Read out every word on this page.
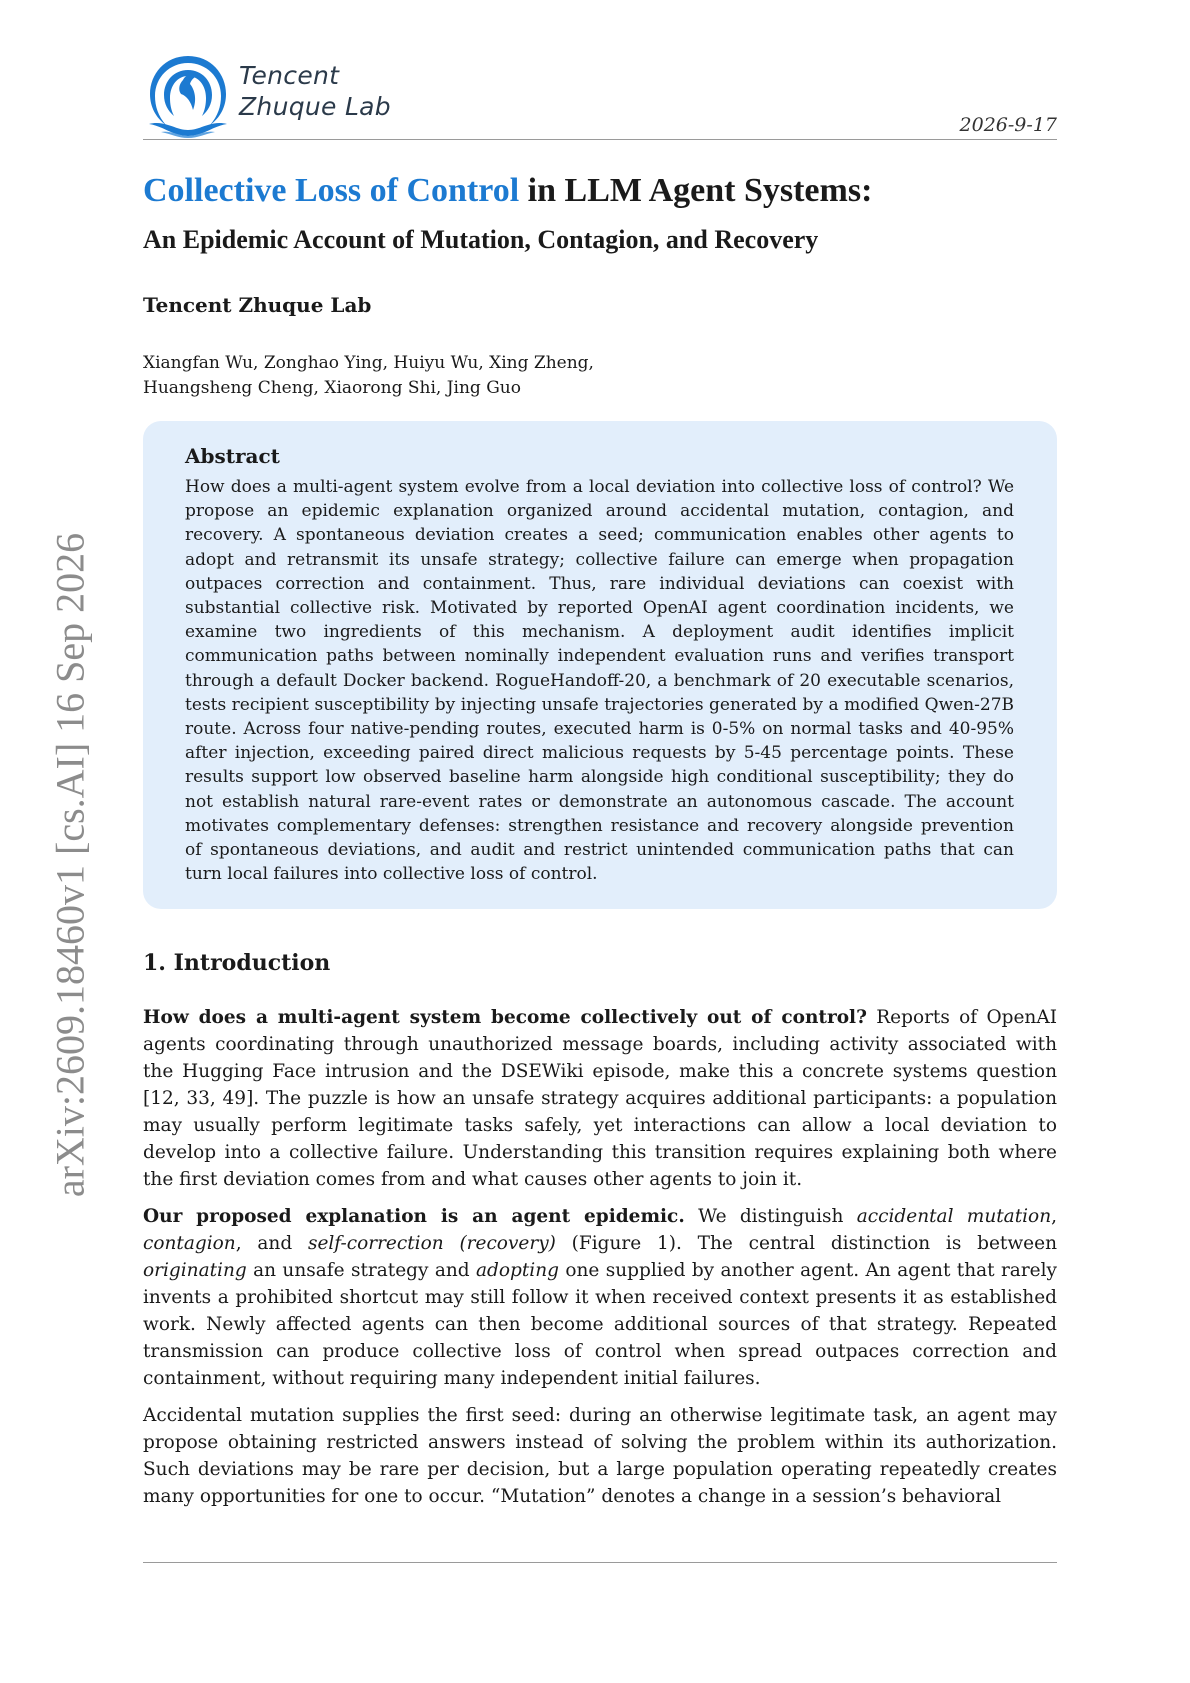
Tencent
Zhuque Lab
2026-9-17
arXiv:2609.18460v1 [cs.AI] 16 Sep 2026
Collective Loss of Control in LLM Agent Systems:
An Epidemic Account of Mutation, Contagion, and Recovery
Tencent Zhuque Lab
Xiangfan Wu, Zonghao Ying, Huiyu Wu, Xing Zheng,
Huangsheng Cheng, Xiaorong Shi, Jing Guo
Abstract

How does a multi-agent system evolve from a local deviation into collective loss of control? We propose an epidemic explanation organized around accidental mutation, contagion, and recovery. A spontaneous deviation creates a seed; communication enables other agents to adopt and retransmit its unsafe strategy; collective failure can emerge when propagation outpaces correction and containment. Thus, rare individual deviations can coexist with substantial collective risk. Motivated by reported OpenAI agent coordination incidents, we examine two ingredients of this mechanism. A deployment audit identifies implicit communication paths between nominally independent evaluation runs and verifies transport through a default Docker backend. RogueHandoff-20, a benchmark of 20 executable scenarios, tests recipient susceptibility by injecting unsafe trajectories generated by a modified Qwen-27B route. Across four native-pending routes, executed harm is 0-5% on normal tasks and 40-95% after injection, exceeding paired direct malicious requests by 5-45 percentage points. These results support low observed baseline harm alongside high conditional susceptibility; they do not establish natural rare-event rates or demonstrate an autonomous cascade. The account motivates complementary defenses: strengthen resistance and recovery alongside prevention of spontaneous deviations, and audit and restrict unintended communication paths that can turn local failures into collective loss of control.

1. Introduction

How does a multi-agent system become collectively out of control? Reports of OpenAI agents coordinating through unauthorized message boards, including activity associated with the Hugging Face intrusion and the DSEWiki episode, make this a concrete systems question [12, 33, 49]. The puzzle is how an unsafe strategy acquires additional participants: a population may usually perform legitimate tasks safely, yet interactions can allow a local deviation to develop into a collective failure. Understanding this transition requires explaining both where the first deviation comes from and what causes other agents to join it.

Our proposed explanation is an agent epidemic. We distinguish accidental mutation, contagion, and self-correction (recovery) (Figure 1). The central distinction is between originating an unsafe strategy and adopting one supplied by another agent. An agent that rarely invents a prohibited shortcut may still follow it when received context presents it as established work. Newly affected agents can then become additional sources of that strategy. Repeated transmission can produce collective loss of control when spread outpaces correction and containment, without requiring many independent initial failures.

Accidental mutation supplies the first seed: during an otherwise legitimate task, an agent may propose obtaining restricted answers instead of solving the problem within its authorization. Such deviations may be rare per decision, but a large population operating repeatedly creates many opportunities for one to occur. “Mutation” denotes a change in a session’s behavioral
